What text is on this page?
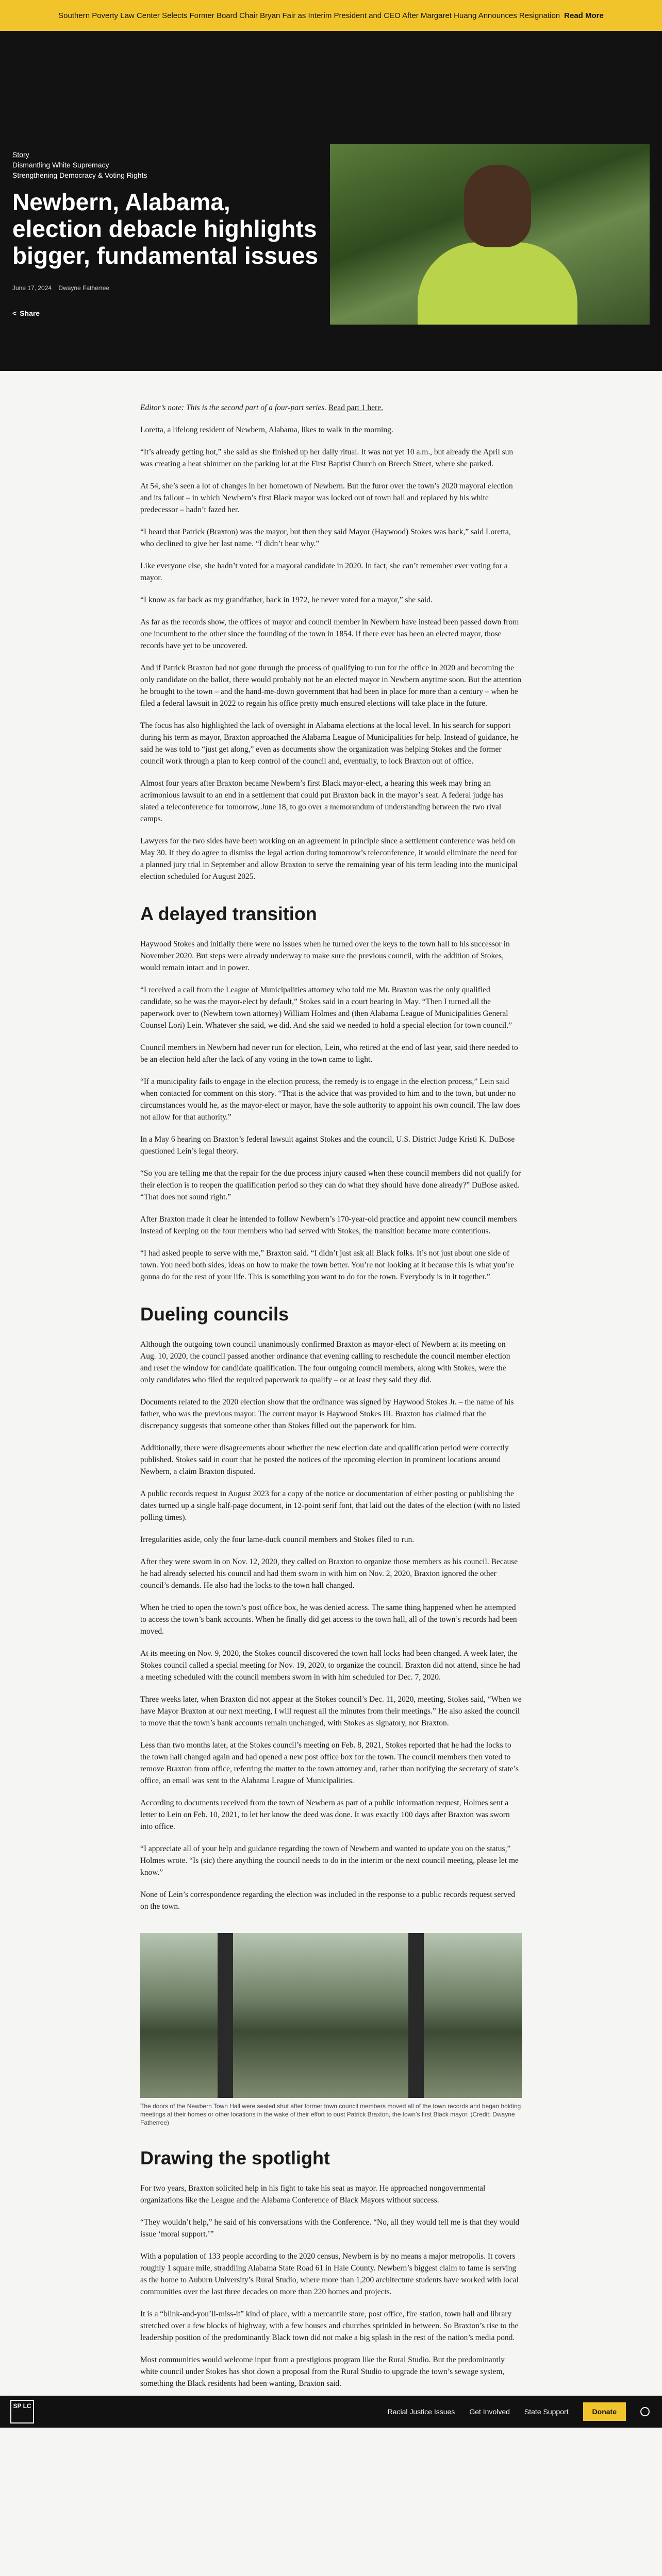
Southern Poverty Law Center Selects Former Board Chair Bryan Fair as Interim President and CEO After Margaret Huang Announces Resignation Read More
Story
Dismantling White Supremacy
Strengthening Democracy & Voting Rights
Newbern, Alabama, election debacle highlights bigger, fundamental issues
June 17, 2024 Dwayne Fatherree
< Share

Editor’s note: This is the second part of a four-part series. Read part 1 here.

Loretta, a lifelong resident of Newbern, Alabama, likes to walk in the morning.

“It’s already getting hot,” she said as she finished up her daily ritual. It was not yet 10 a.m., but already the April sun was creating a heat shimmer on the parking lot at the First Baptist Church on Breech Street, where she parked.

At 54, she’s seen a lot of changes in her hometown of Newbern. But the furor over the town’s 2020 mayoral election and its fallout – in which Newbern’s first Black mayor was locked out of town hall and replaced by his white predecessor – hadn’t fazed her.

“I heard that Patrick (Braxton) was the mayor, but then they said Mayor (Haywood) Stokes was back,” said Loretta, who declined to give her last name. “I didn’t hear why.”

Like everyone else, she hadn’t voted for a mayoral candidate in 2020. In fact, she can’t remember ever voting for a mayor.

“I know as far back as my grandfather, back in 1972, he never voted for a mayor,” she said.

As far as the records show, the offices of mayor and council member in Newbern have instead been passed down from one incumbent to the other since the founding of the town in 1854. If there ever has been an elected mayor, those records have yet to be uncovered.

And if Patrick Braxton had not gone through the process of qualifying to run for the office in 2020 and becoming the only candidate on the ballot, there would probably not be an elected mayor in Newbern anytime soon. But the attention he brought to the town – and the hand-me-down government that had been in place for more than a century – when he filed a federal lawsuit in 2022 to regain his office pretty much ensured elections will take place in the future.

The focus has also highlighted the lack of oversight in Alabama elections at the local level. In his search for support during his term as mayor, Braxton approached the Alabama League of Municipalities for help. Instead of guidance, he said he was told to “just get along,” even as documents show the organization was helping Stokes and the former council work through a plan to keep control of the council and, eventually, to lock Braxton out of office.

Almost four years after Braxton became Newbern’s first Black mayor-elect, a hearing this week may bring an acrimonious lawsuit to an end in a settlement that could put Braxton back in the mayor’s seat. A federal judge has slated a teleconference for tomorrow, June 18, to go over a memorandum of understanding between the two rival camps.

Lawyers for the two sides have been working on an agreement in principle since a settlement conference was held on May 30. If they do agree to dismiss the legal action during tomorrow’s teleconference, it would eliminate the need for a planned jury trial in September and allow Braxton to serve the remaining year of his term leading into the municipal election scheduled for August 2025.

A delayed transition

Haywood Stokes and initially there were no issues when he turned over the keys to the town hall to his successor in November 2020. But steps were already underway to make sure the previous council, with the addition of Stokes, would remain intact and in power.

“I received a call from the League of Municipalities attorney who told me Mr. Braxton was the only qualified candidate, so he was the mayor-elect by default,” Stokes said in a court hearing in May. “Then I turned all the paperwork over to (Newbern town attorney) William Holmes and (then Alabama League of Municipalities General Counsel Lori) Lein. Whatever she said, we did. And she said we needed to hold a special election for town council.”

Council members in Newbern had never run for election, Lein, who retired at the end of last year, said there needed to be an election held after the lack of any voting in the town came to light.

“If a municipality fails to engage in the election process, the remedy is to engage in the election process,” Lein said when contacted for comment on this story. “That is the advice that was provided to him and to the town, but under no circumstances would he, as the mayor-elect or mayor, have the sole authority to appoint his own council. The law does not allow for that authority.”

In a May 6 hearing on Braxton’s federal lawsuit against Stokes and the council, U.S. District Judge Kristi K. DuBose questioned Lein’s legal theory.

“So you are telling me that the repair for the due process injury caused when these council members did not qualify for their election is to reopen the qualification period so they can do what they should have done already?” DuBose asked. “That does not sound right.”

After Braxton made it clear he intended to follow Newbern’s 170-year-old practice and appoint new council members instead of keeping on the four members who had served with Stokes, the transition became more contentious.

“I had asked people to serve with me,” Braxton said. “I didn’t just ask all Black folks. It’s not just about one side of town. You need both sides, ideas on how to make the town better. You’re not looking at it because this is what you’re gonna do for the rest of your life. This is something you want to do for the town. Everybody is in it together.”

Dueling councils

Although the outgoing town council unanimously confirmed Braxton as mayor-elect of Newbern at its meeting on Aug. 10, 2020, the council passed another ordinance that evening calling to reschedule the council member election and reset the window for candidate qualification. The four outgoing council members, along with Stokes, were the only candidates who filed the required paperwork to qualify – or at least they said they did.

Documents related to the 2020 election show that the ordinance was signed by Haywood Stokes Jr. – the name of his father, who was the previous mayor. The current mayor is Haywood Stokes III. Braxton has claimed that the discrepancy suggests that someone other than Stokes filled out the paperwork for him.

Additionally, there were disagreements about whether the new election date and qualification period were correctly published. Stokes said in court that he posted the notices of the upcoming election in prominent locations around Newbern, a claim Braxton disputed.

A public records request in August 2023 for a copy of the notice or documentation of either posting or publishing the dates turned up a single half-page document, in 12-point serif font, that laid out the dates of the election (with no listed polling times).

Irregularities aside, only the four lame-duck council members and Stokes filed to run.

After they were sworn in on Nov. 12, 2020, they called on Braxton to organize those members as his council. Because he had already selected his council and had them sworn in with him on Nov. 2, 2020, Braxton ignored the other council’s demands. He also had the locks to the town hall changed.

When he tried to open the town’s post office box, he was denied access. The same thing happened when he attempted to access the town’s bank accounts. When he finally did get access to the town hall, all of the town’s records had been moved.

At its meeting on Nov. 9, 2020, the Stokes council discovered the town hall locks had been changed. A week later, the Stokes council called a special meeting for Nov. 19, 2020, to organize the council. Braxton did not attend, since he had a meeting scheduled with the council members sworn in with him scheduled for Dec. 7, 2020.

Three weeks later, when Braxton did not appear at the Stokes council’s Dec. 11, 2020, meeting, Stokes said, “When we have Mayor Braxton at our next meeting, I will request all the minutes from their meetings.” He also asked the council to move that the town’s bank accounts remain unchanged, with Stokes as signatory, not Braxton.

Less than two months later, at the Stokes council’s meeting on Feb. 8, 2021, Stokes reported that he had the locks to the town hall changed again and had opened a new post office box for the town. The council members then voted to remove Braxton from office, referring the matter to the town attorney and, rather than notifying the secretary of state’s office, an email was sent to the Alabama League of Municipalities.

According to documents received from the town of Newbern as part of a public information request, Holmes sent a letter to Lein on Feb. 10, 2021, to let her know the deed was done. It was exactly 100 days after Braxton was sworn into office.

“I appreciate all of your help and guidance regarding the town of Newbern and wanted to update you on the status,” Holmes wrote. “Is (sic) there anything the council needs to do in the interim or the next council meeting, please let me know.”

None of Lein’s correspondence regarding the election was included in the response to a public records request served on the town.

The doors of the Newbern Town Hall were sealed shut after former town council members moved all of the town records and began holding meetings at their homes or other locations in the wake of their effort to oust Patrick Braxton, the town’s first Black mayor. (Credit: Dwayne Fatherree)
Drawing the spotlight

For two years, Braxton solicited help in his fight to take his seat as mayor. He approached nongovernmental organizations like the League and the Alabama Conference of Black Mayors without success.

“They wouldn’t help,” he said of his conversations with the Conference. “No, all they would tell me is that they would issue ‘moral support.’”

With a population of 133 people according to the 2020 census, Newbern is by no means a major metropolis. It covers roughly 1 square mile, straddling Alabama State Road 61 in Hale County. Newbern’s biggest claim to fame is serving as the home to Auburn University’s Rural Studio, where more than 1,200 architecture students have worked with local communities over the last three decades on more than 220 homes and projects.

It is a “blink-and-you’ll-miss-it” kind of place, with a mercantile store, post office, fire station, town hall and library stretched over a few blocks of highway, with a few houses and churches sprinkled in between. So Braxton’s rise to the leadership position of the predominantly Black town did not make a big splash in the rest of the nation’s media pond.

Most communities would welcome input from a prestigious program like the Rural Studio. But the predominantly white council under Stokes has shot down a proposal from the Rural Studio to upgrade the town’s sewage system, something the Black residents had been wanting, Braxton said.

SP LC
Racial Justice Issues Get Involved State Support	Donate
